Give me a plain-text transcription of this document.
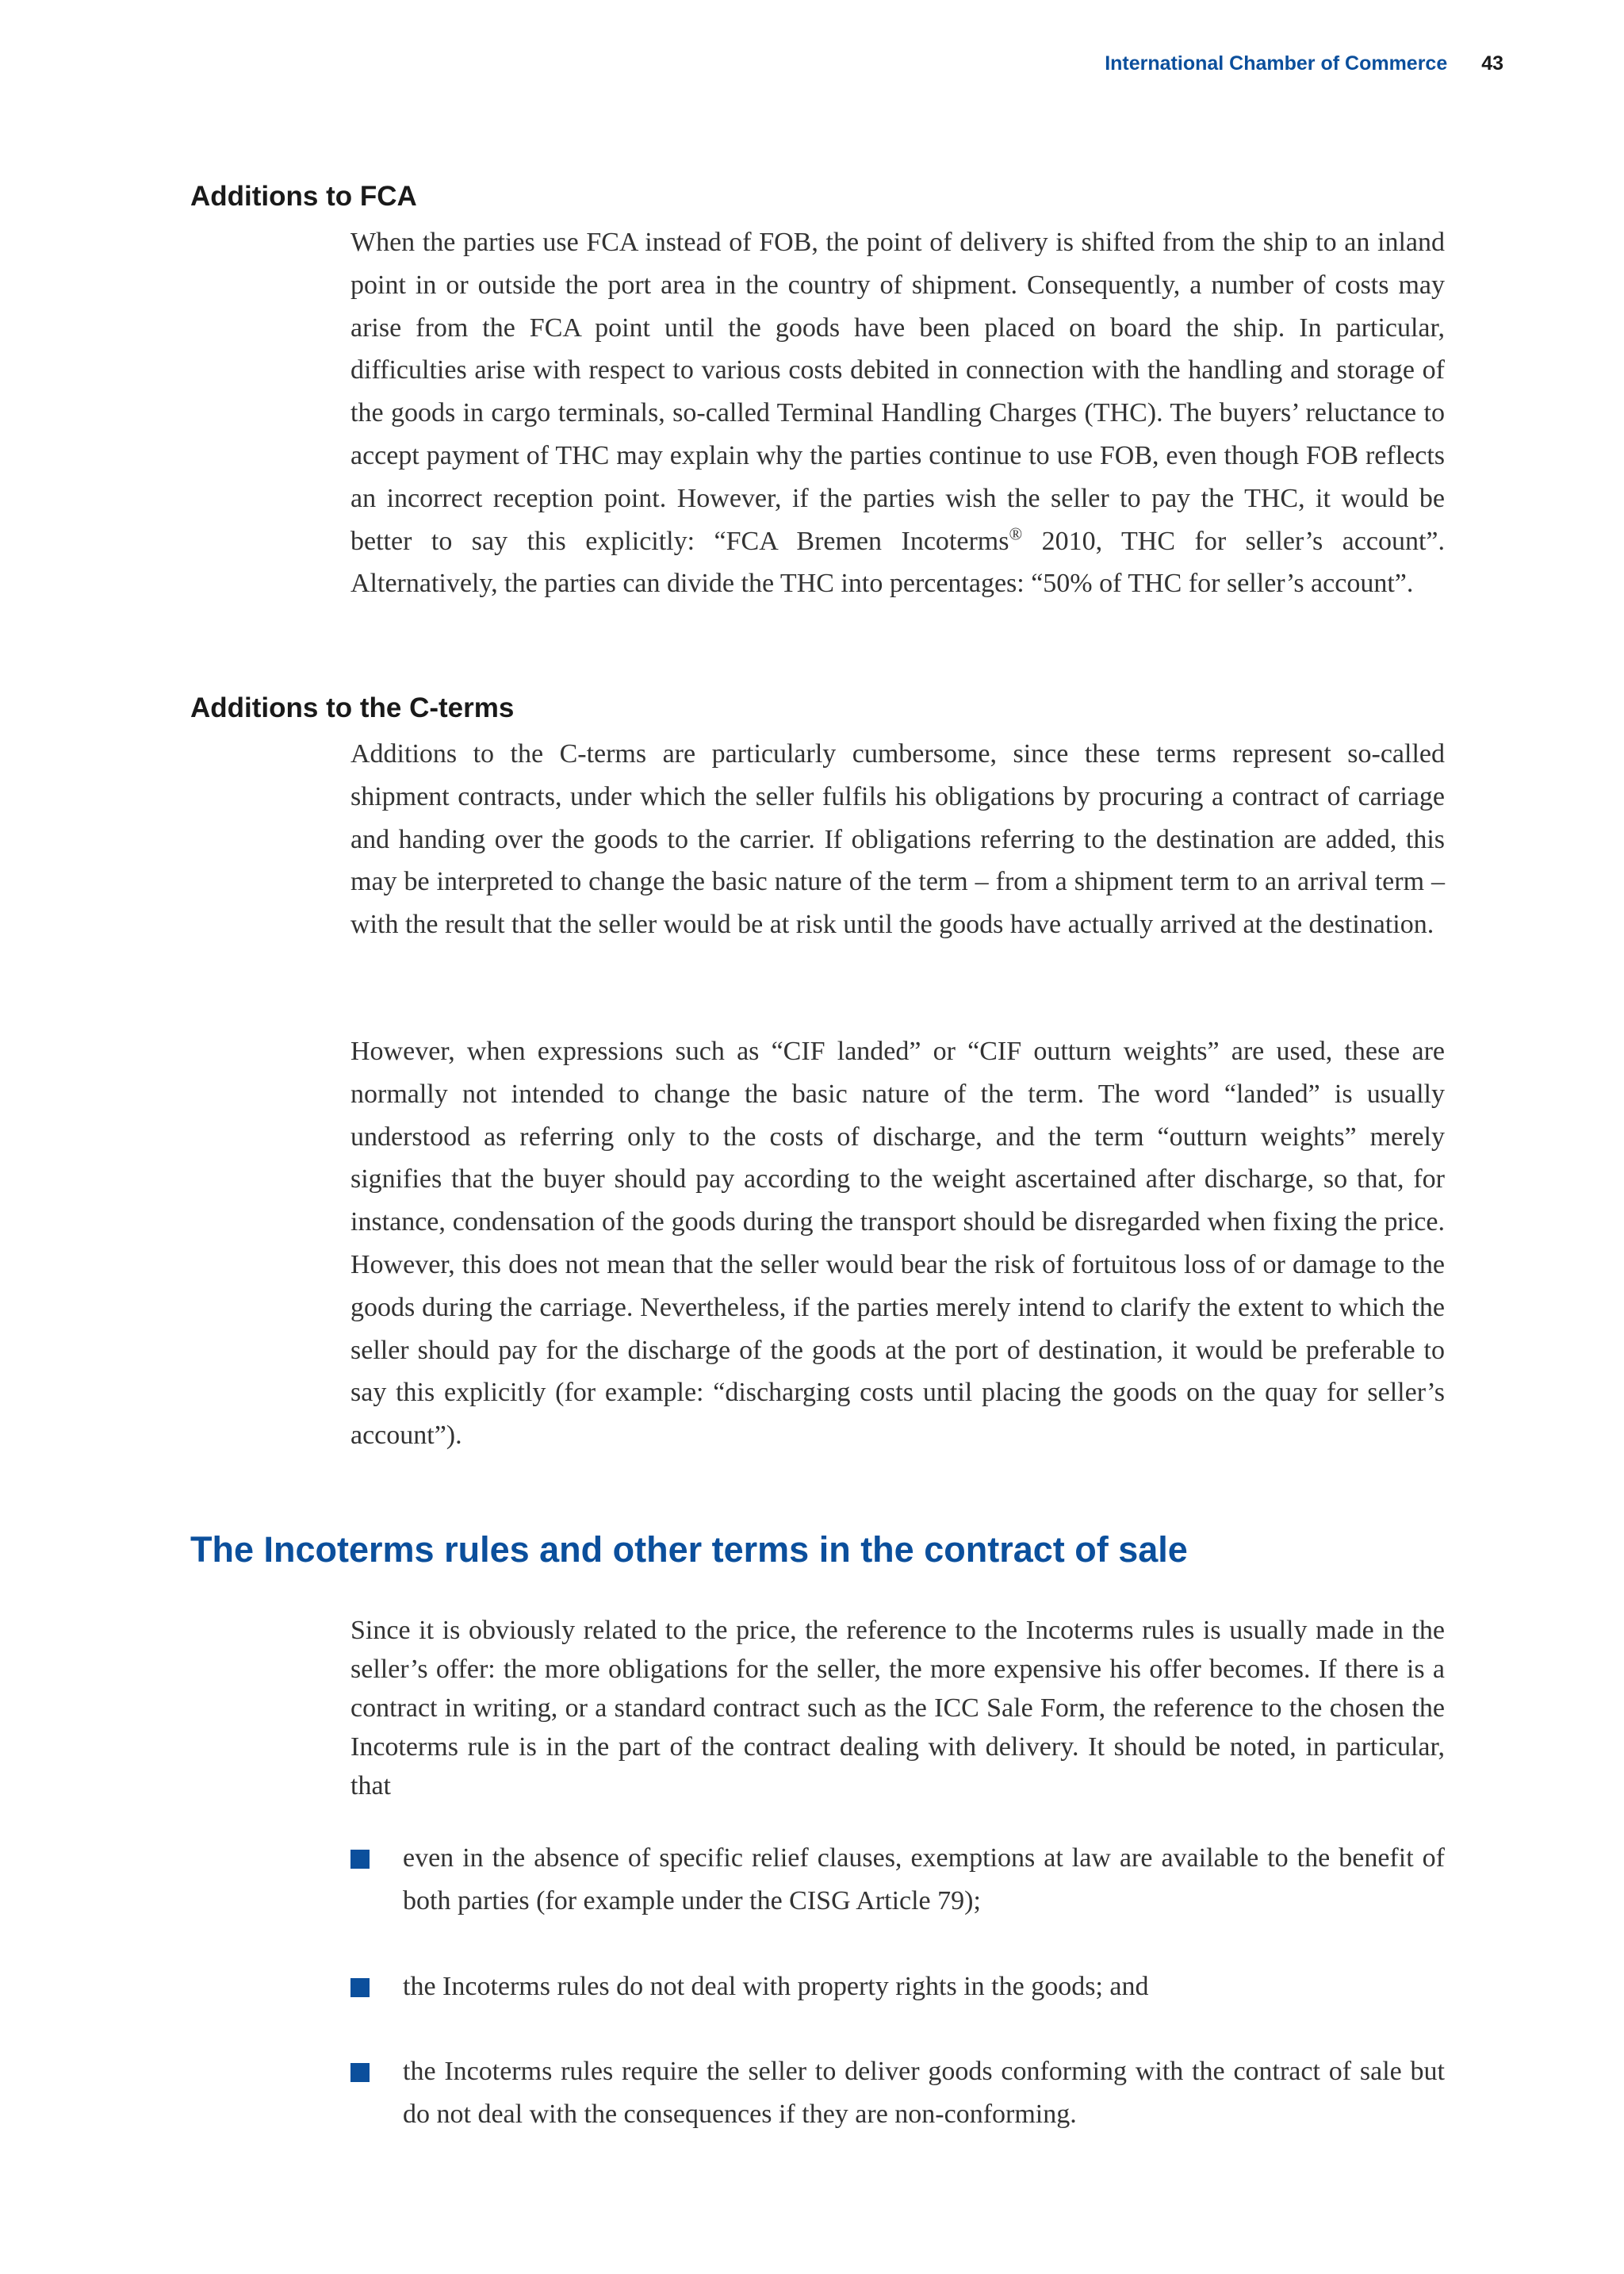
International Chamber of Commerce 43
Additions to FCA

When the parties use FCA instead of FOB, the point of delivery is shifted from the ship to an inland point in or outside the port area in the country of shipment. Consequently, a number of costs may arise from the FCA point until the goods have been placed on board the ship. In particular, difficulties arise with respect to various costs debited in connection with the handling and storage of the goods in cargo terminals, so-called Terminal Handling Charges (THC). The buyers’ reluctance to accept payment of THC may explain why the parties continue to use FOB, even though FOB reflects an incorrect reception point. However, if the parties wish the seller to pay the THC, it would be better to say this explicitly: “FCA Bremen Incoterms® 2010, THC for seller’s account”. Alternatively, the parties can divide the THC into percentages: “50% of THC for seller’s account”.

Additions to the C-terms

Additions to the C-terms are particularly cumbersome, since these terms represent so-called shipment contracts, under which the seller fulfils his obligations by procuring a contract of carriage and handing over the goods to the carrier. If obligations referring to the destination are added, this may be interpreted to change the basic nature of the term – from a shipment term to an arrival term – with the result that the seller would be at risk until the goods have actually arrived at the destination.

However, when expressions such as “CIF landed” or “CIF outturn weights” are used, these are normally not intended to change the basic nature of the term. The word “landed” is usually understood as referring only to the costs of discharge, and the term “outturn weights” merely signifies that the buyer should pay according to the weight ascertained after discharge, so that, for instance, condensation of the goods during the transport should be disregarded when fixing the price. However, this does not mean that the seller would bear the risk of fortuitous loss of or damage to the goods during the carriage. Nevertheless, if the parties merely intend to clarify the extent to which the seller should pay for the discharge of the goods at the port of destination, it would be preferable to say this explicitly (for example: “discharging costs until placing the goods on the quay for seller’s account”).

The Incoterms rules and other terms in the contract of sale

Since it is obviously related to the price, the reference to the Incoterms rules is usually made in the seller’s offer: the more obligations for the seller, the more expensive his offer becomes. If there is a contract in writing, or a standard contract such as the ICC Sale Form, the reference to the chosen the Incoterms rule is in the part of the contract dealing with delivery. It should be noted, in particular, that

even in the absence of specific relief clauses, exemptions at law are available to the benefit of both parties (for example under the CISG Article 79);
the Incoterms rules do not deal with property rights in the goods; and
the Incoterms rules require the seller to deliver goods conforming with the contract of sale but do not deal with the consequences if they are non-conforming.
